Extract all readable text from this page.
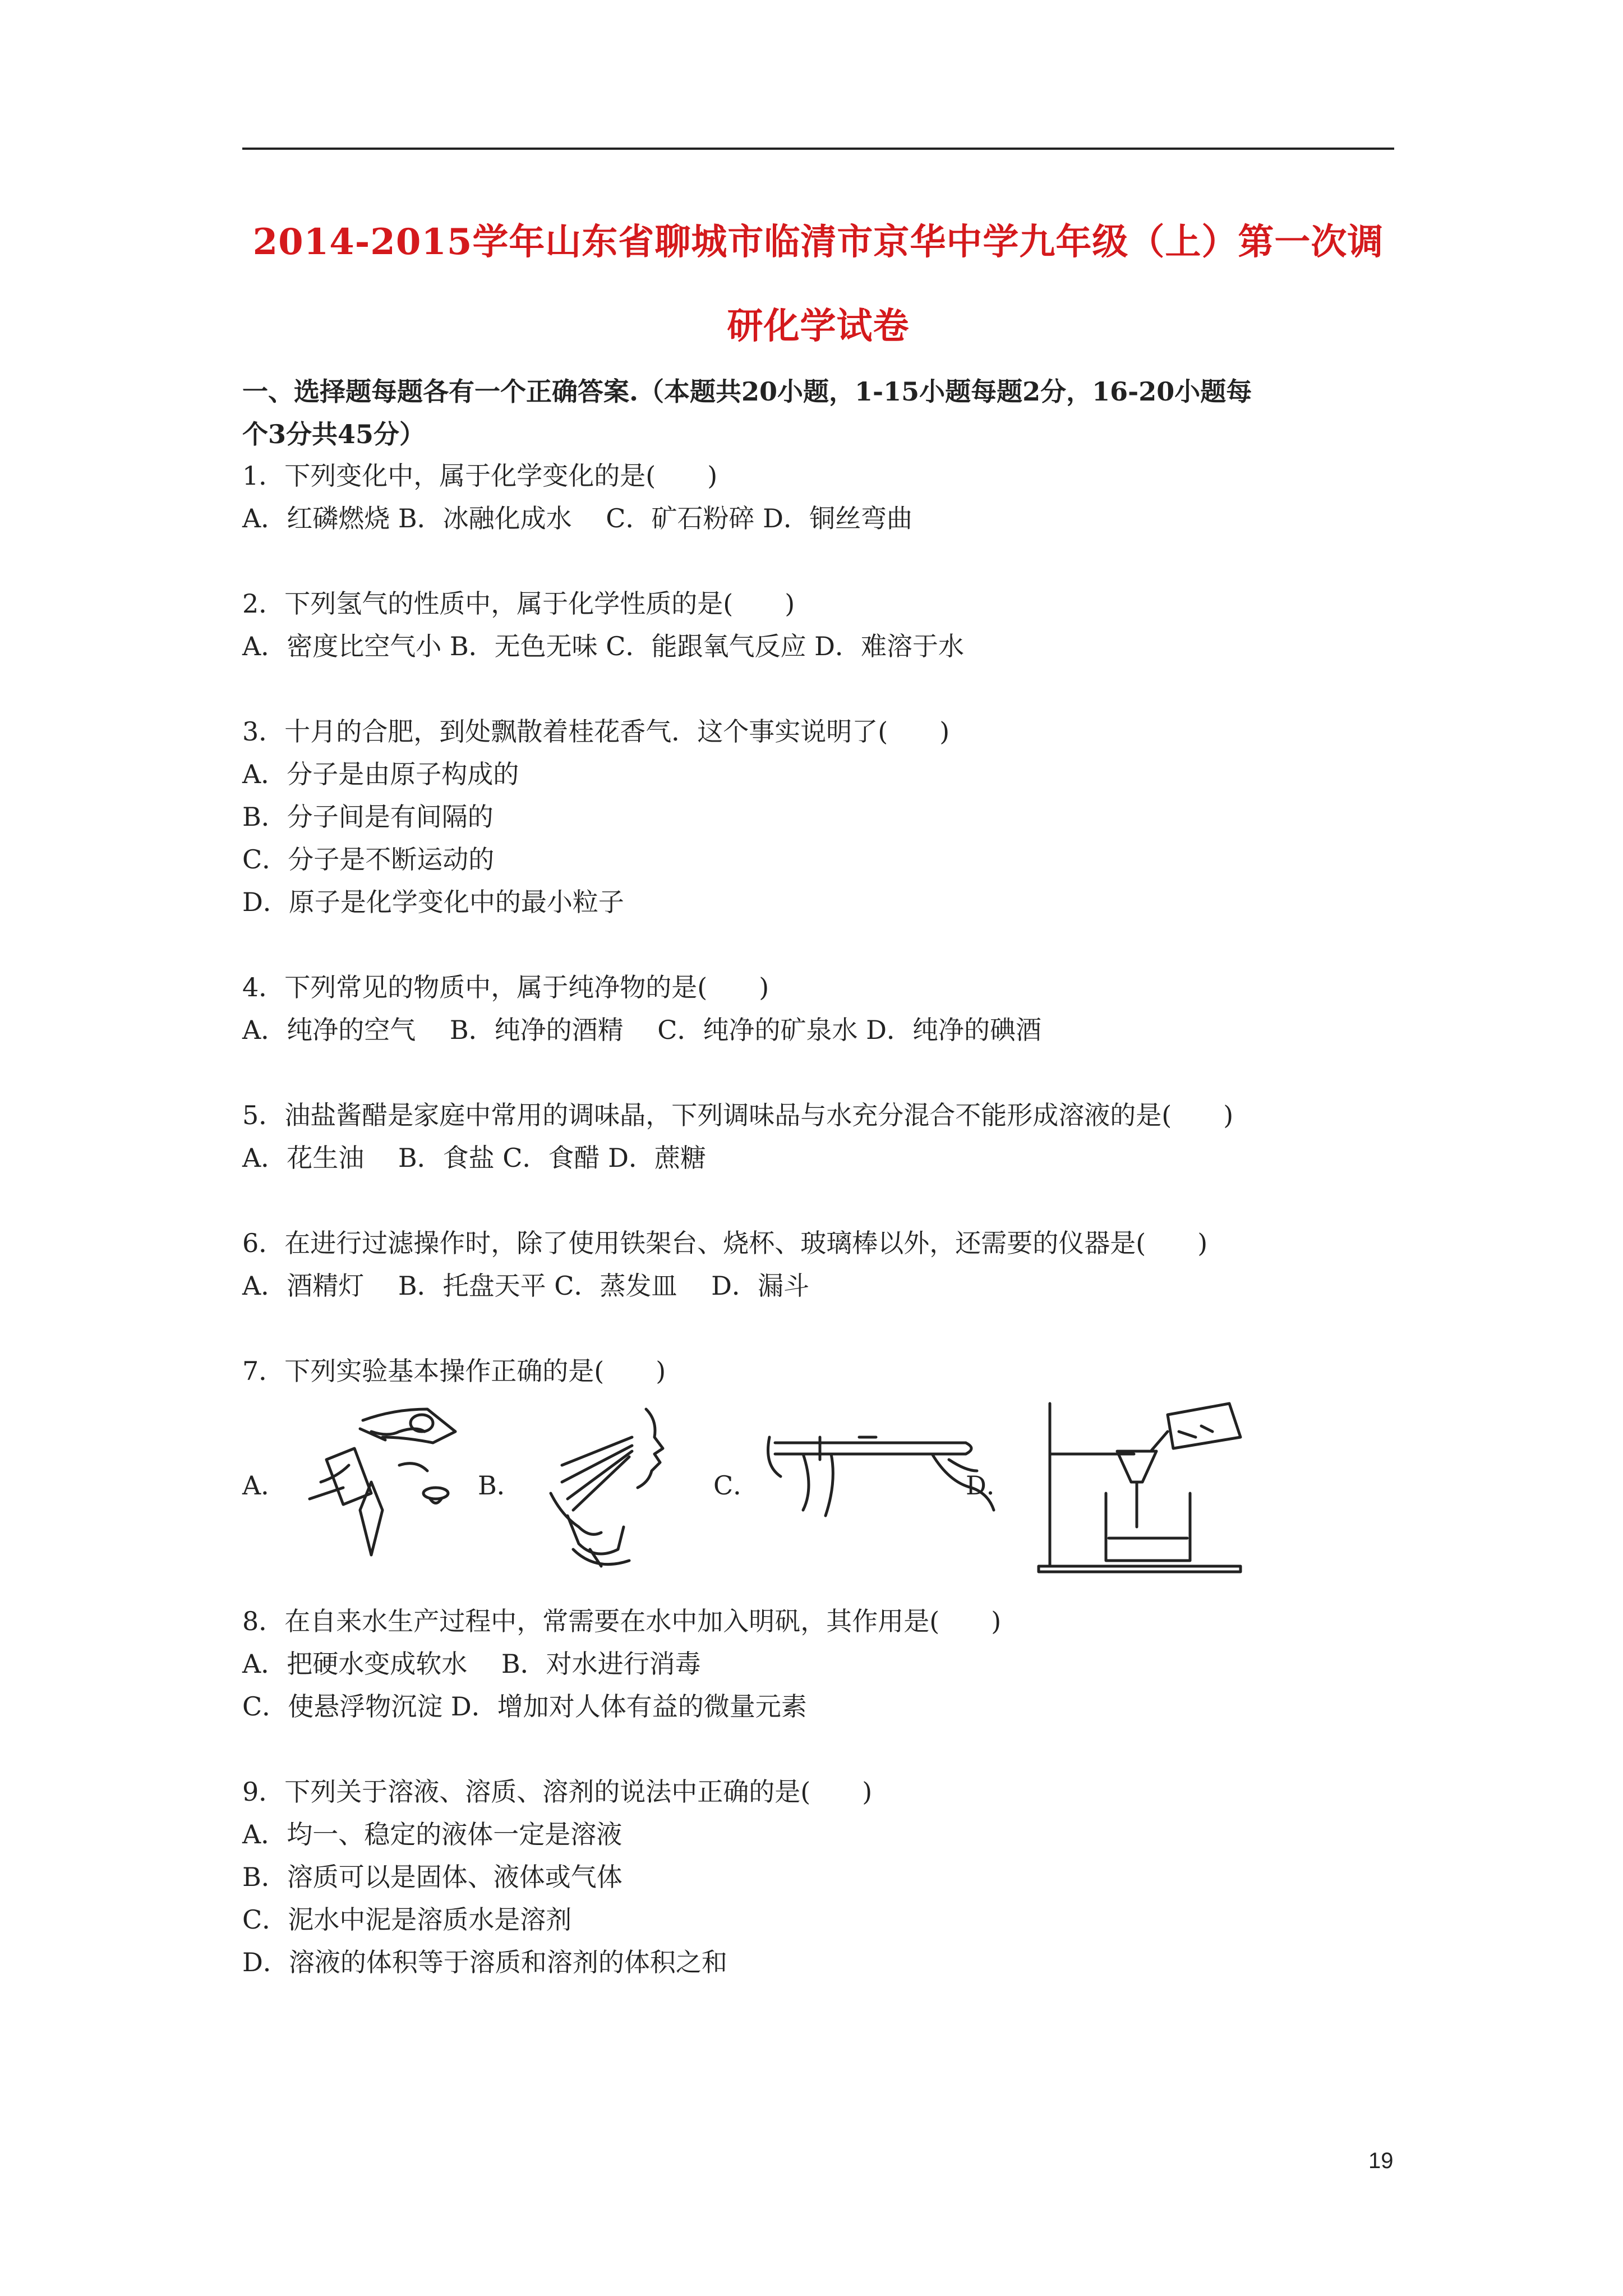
2014-2015学年山东省聊城市临清市京华中学九年级（上）第一次调
研化学试卷
一、选择题每题各有一个正确答案.（本题共20小题，1-15小题每题2分，16-20小题每
个3分共45分）
1．下列变化中，属于化学变化的是(　　)
A．红磷燃烧 B．冰融化成水　 C．矿石粉碎 D．铜丝弯曲
2．下列氢气的性质中，属于化学性质的是(　　)
A．密度比空气小 B．无色无味 C．能跟氧气反应 D．难溶于水
3．十月的合肥，到处飘散着桂花香气．这个事实说明了(　　)
A．分子是由原子构成的
B．分子间是有间隔的
C．分子是不断运动的
D．原子是化学变化中的最小粒子
4．下列常见的物质中，属于纯净物的是(　　)
A．纯净的空气　 B．纯净的酒精　 C．纯净的矿泉水 D．纯净的碘酒
5．油盐酱醋是家庭中常用的调味晶，下列调味品与水充分混合不能形成溶液的是(　　)
A．花生油　 B．食盐 C．食醋 D．蔗糖
6．在进行过滤操作时，除了使用铁架台、烧杯、玻璃棒以外，还需要的仪器是(　　)
A．酒精灯　 B．托盘天平 C．蒸发皿　 D．漏斗
7．下列实验基本操作正确的是(　　)
A．	B．	C．	D．
8．在自来水生产过程中，常需要在水中加入明矾，其作用是(　　)
A．把硬水变成软水　 B．对水进行消毒
C．使悬浮物沉淀 D．增加对人体有益的微量元素
9．下列关于溶液、溶质、溶剂的说法中正确的是(　　)
A．均一、稳定的液体一定是溶液
B．溶质可以是固体、液体或气体
C．泥水中泥是溶质水是溶剂
D．溶液的体积等于溶质和溶剂的体积之和
19
